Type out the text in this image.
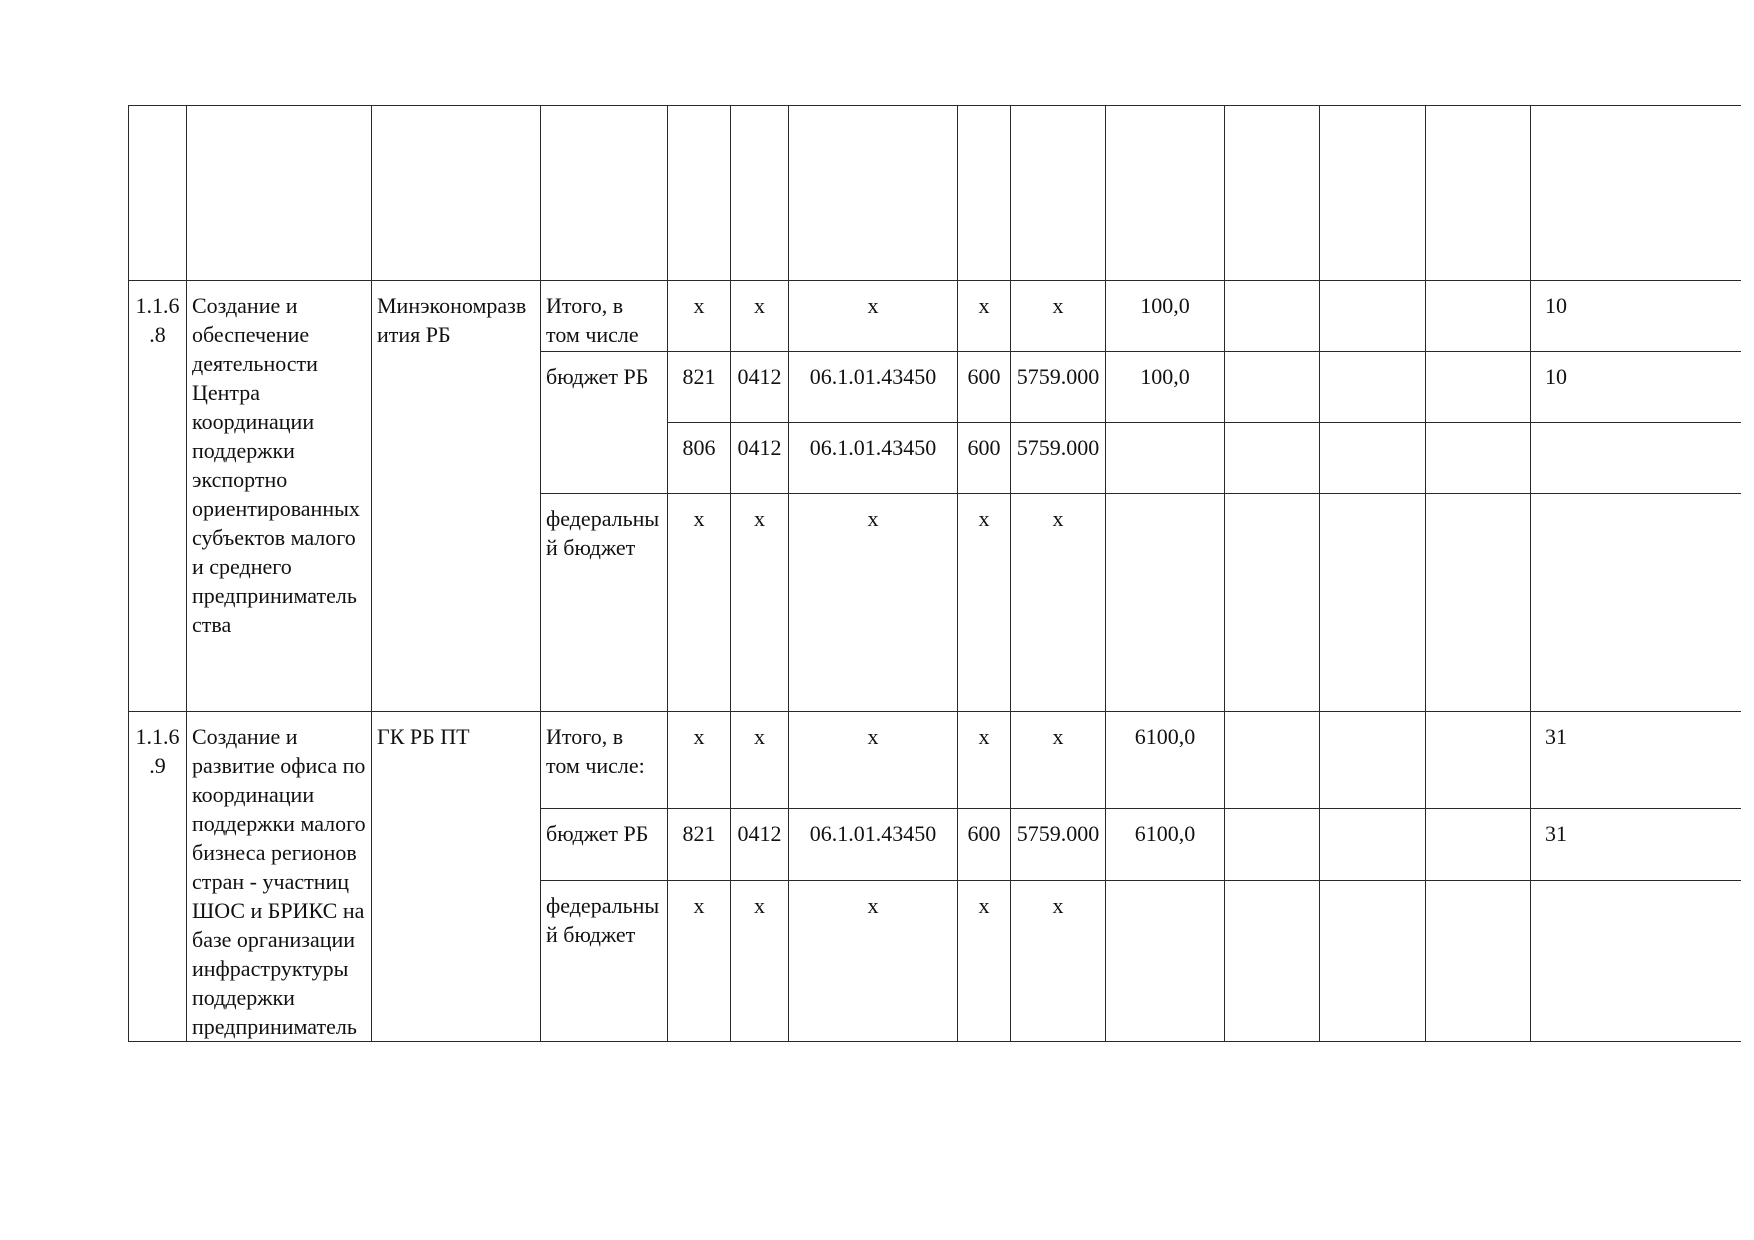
1.1.6.8	Создание и обеспечение деятельности Центра координации поддержки экспортно ориентированных субъектов малого и среднего предпринимательства	Минэкономразвития РБ	Итого, в том числе	x	x	x	x	x	100,0				10
			бюджет РБ	821	0412	06.1.01.43450	600	5759.000	100,0				10
				806	0412	06.1.01.43450	600	5759.000					
			федеральный бюджет	x	x	x	x	x					
1.1.6.9	Создание и развитие офиса по координации поддержки малого бизнеса регионов стран - участниц ШОС и БРИКС на базе организации инфраструктуры поддержки предприниматель	ГК РБ ПТ	Итого, в том числе:	x	x	x	x	x	6100,0				31
			бюджет РБ	821	0412	06.1.01.43450	600	5759.000	6100,0				31
			федеральный бюджет	x	x	x	x	x					
